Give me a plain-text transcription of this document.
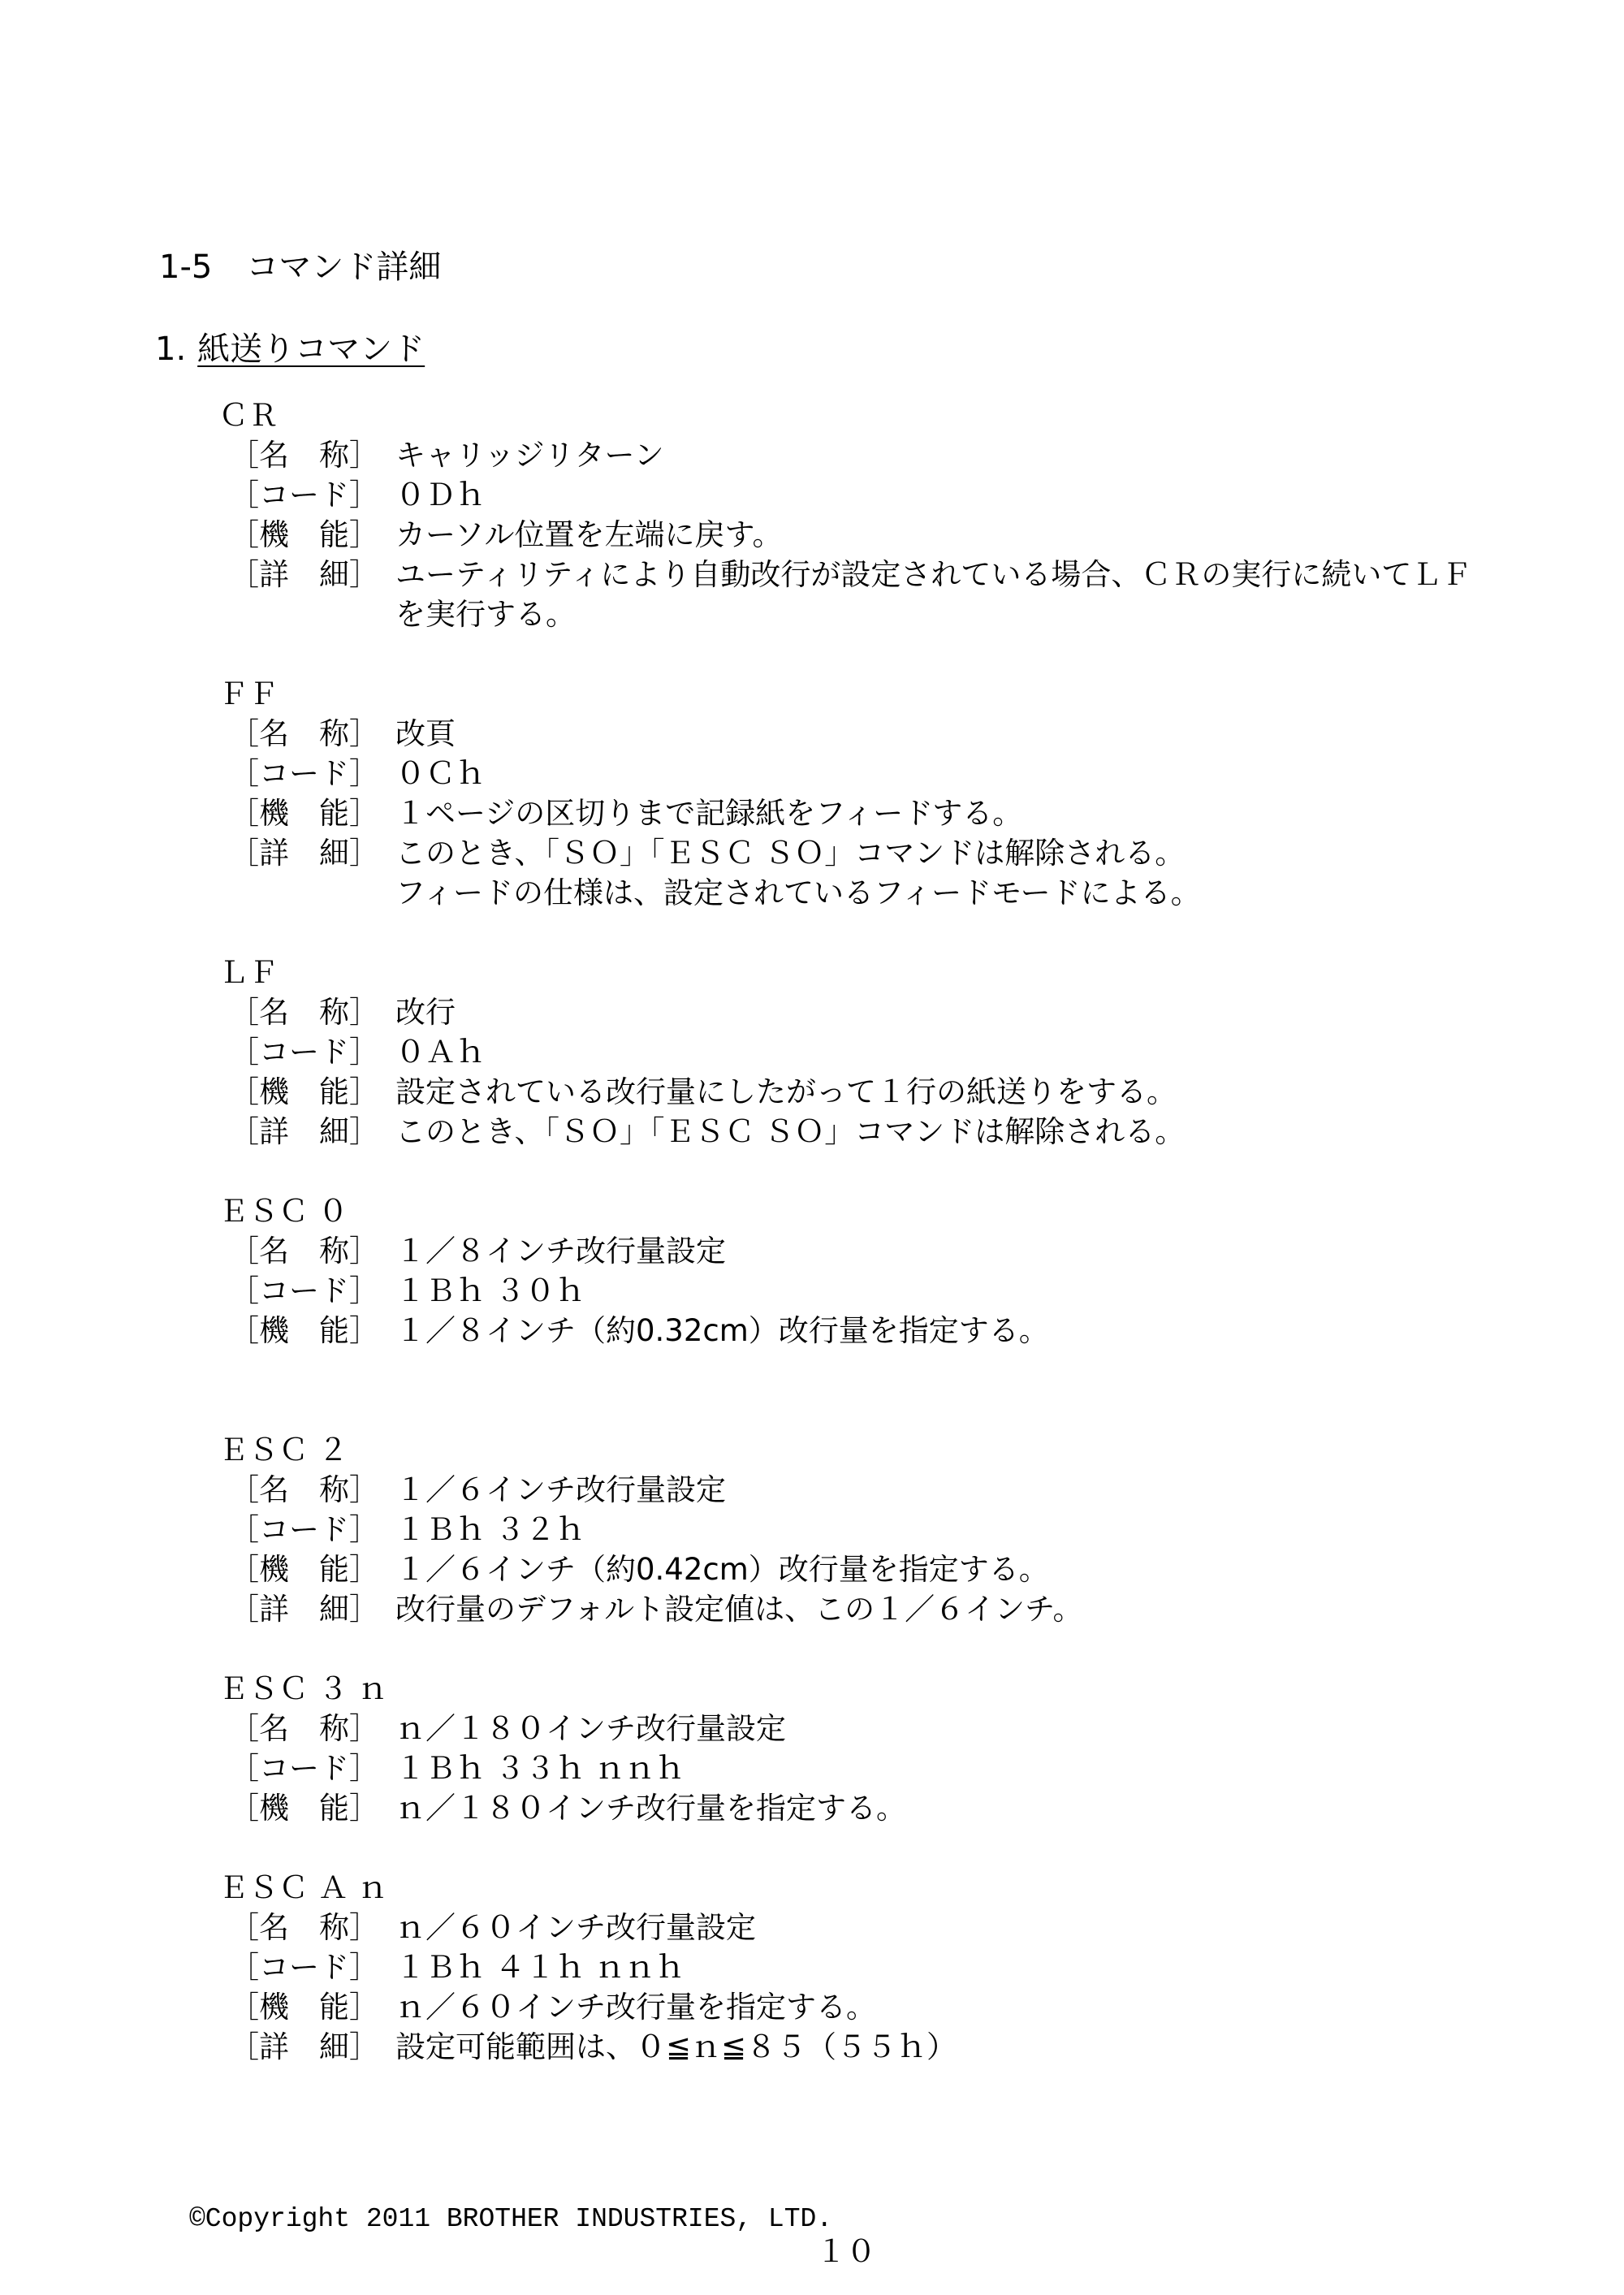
1-5 コマンド詳細
1. 紙送りコマンド
ＣＲ
［名　称］ キャリッジリターン
［コード］ ０Ｄｈ
［機　能］ カーソル位置を左端に戻す。
［詳　細］ ユーティリティにより自動改行が設定されている場合、ＣＲの実行に続いてＬＦ
を実行する。
ＦＦ
［名　称］ 改頁
［コード］ ０Ｃｈ
［機　能］ １ページの区切りまで記録紙をフィードする。
［詳　細］ このとき、「ＳＯ」「ＥＳＣ ＳＯ」コマンドは解除される。
フィードの仕様は、設定されているフィードモードによる。
ＬＦ
［名　称］ 改行
［コード］ ０Ａｈ
［機　能］ 設定されている改行量にしたがって１行の紙送りをする。
［詳　細］ このとき、「ＳＯ」「ＥＳＣ ＳＯ」コマンドは解除される。
ＥＳＣ ０
［名　称］ １／８インチ改行量設定
［コード］ １Ｂｈ ３０ｈ
［機　能］ １／８インチ（約0.32cm）改行量を指定する。
ＥＳＣ ２
［名　称］ １／６インチ改行量設定
［コード］ １Ｂｈ ３２ｈ
［機　能］ １／６インチ（約0.42cm）改行量を指定する。
［詳　細］ 改行量のデフォルト設定値は、この１／６インチ。
ＥＳＣ ３ ｎ
［名　称］ ｎ／１８０インチ改行量設定
［コード］ １Ｂｈ ３３ｈ ｎｎｈ
［機　能］ ｎ／１８０インチ改行量を指定する。
ＥＳＣ Ａ ｎ
［名　称］ ｎ／６０インチ改行量設定
［コード］ １Ｂｈ ４１ｈ ｎｎｈ
［機　能］ ｎ／６０インチ改行量を指定する。
［詳　細］ 設定可能範囲は、０≦ｎ≦８５（５５ｈ）
©Copyright 2011 BROTHER INDUSTRIES, LTD.
１０
